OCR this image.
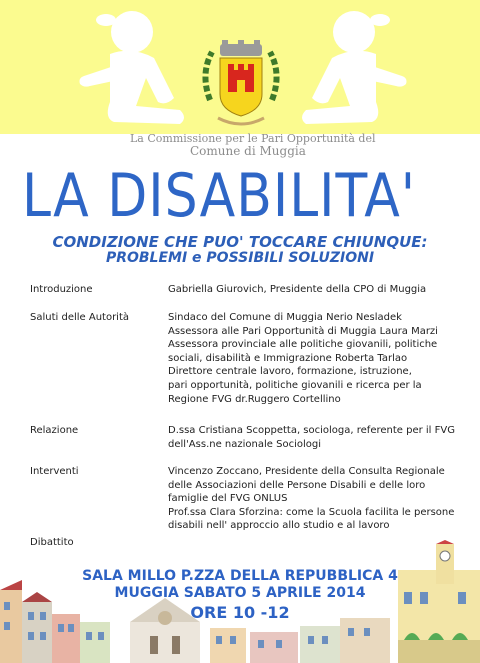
La Commissione per le Pari Opportunità del
Comune di Muggia
LA DISABILITA'
CONDIZIONE CHE PUO' TOCCARE CHIUNQUE:
PROBLEMI e POSSIBILI SOLUZIONI
Introduzione	Gabriella Giurovich, Presidente della CPO di Muggia
Saluti delle Autorità	Sindaco del Comune di Muggia Nerio Nesladek
Assessora alle Pari Opportunità di Muggia Laura Marzi
Assessora provinciale alle politiche giovanili, politiche
sociali, disabilità e Immigrazione Roberta Tarlao
Direttore centrale lavoro, formazione, istruzione,
pari opportunità, politiche giovanili e ricerca per la
Regione FVG dr.Ruggero Cortellino
Relazione	D.ssa Cristiana Scoppetta, sociologa, referente per il FVG
dell'Ass.ne nazionale Sociologi
Interventi	Vincenzo Zoccano, Presidente della Consulta Regionale
delle Associazioni delle Persone Disabili e delle loro
famiglie del FVG ONLUS
Prof.ssa Clara Sforzina: come la Scuola facilita le persone
disabili nell' approccio allo studio e al lavoro
Dibattito
SALA MILLO P.ZZA DELLA REPUBBLICA 4
MUGGIA SABATO 5 APRILE 2014
ORE 10 -12
